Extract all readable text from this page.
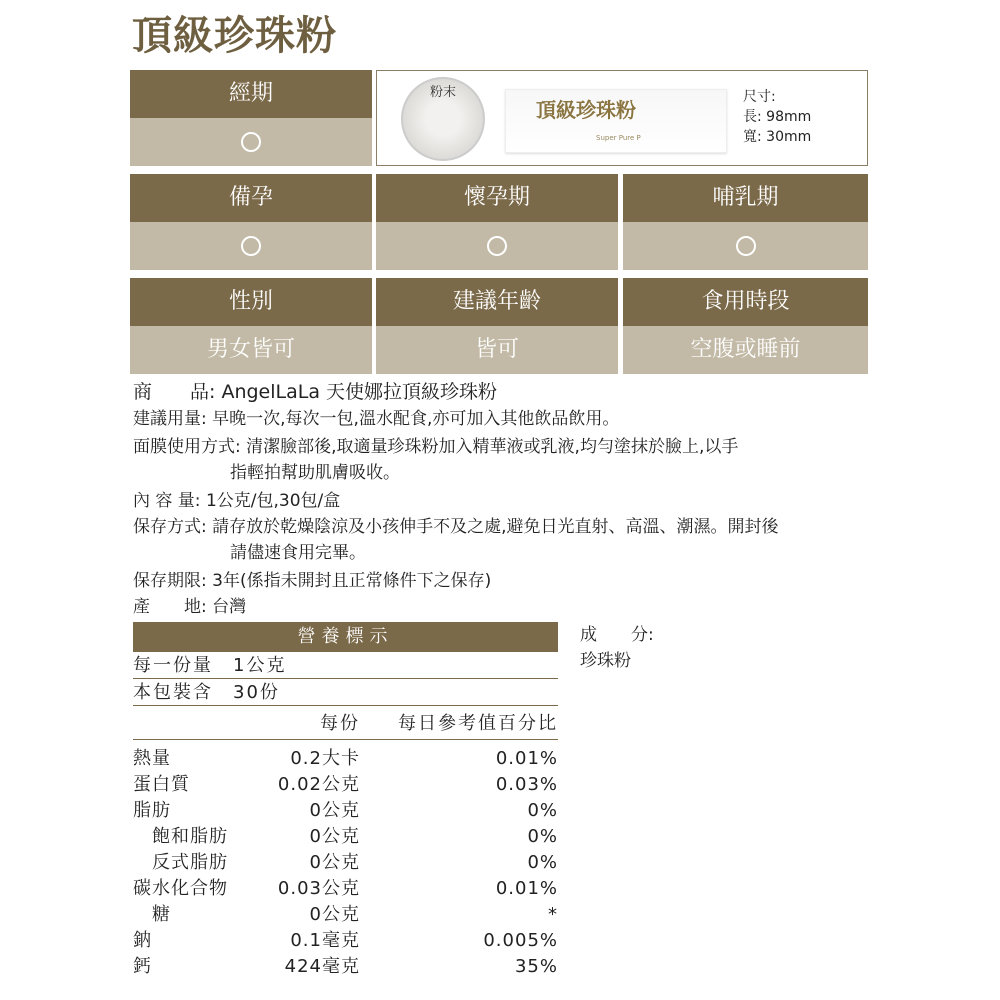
頂級珍珠粉
經期	粉末
頂級珍珠粉
Super Pure P
尺寸:
長: 98mm
寬: 30mm
備孕	懷孕期	哺乳期
性別	建議年齡	食用時段
男女皆可	皆可	空腹或睡前
商　　品: AngelLaLa 天使娜拉頂級珍珠粉
建議用量: 早晚一次,每次一包,溫水配食,亦可加入其他飲品飲用。
面膜使用方式: 清潔臉部後,取適量珍珠粉加入精華液或乳液,均勻塗抹於臉上,以手
指輕拍幫助肌膚吸收。
內 容 量: 1公克/包,30包/盒
保存方式: 請存放於乾燥陰涼及小孩伸手不及之處,避免日光直射、高溫、潮濕。開封後
請儘速食用完畢。
保存期限: 3年(係指未開封且正常條件下之保存)
產　　地: 台灣
營養標示
每一份量　1公克
本包裝含　30份
每份 每日參考值百分比
熱量	0.2大卡	0.01%
蛋白質	0.02公克	0.03%
脂肪	0公克	0%
　飽和脂肪	0公克	0%
　反式脂肪	0公克	0%
碳水化合物	0.03公克	0.01%
　糖	0公克	*
鈉	0.1毫克	0.005%
鈣	424毫克	35%
成　　分:
珍珠粉
